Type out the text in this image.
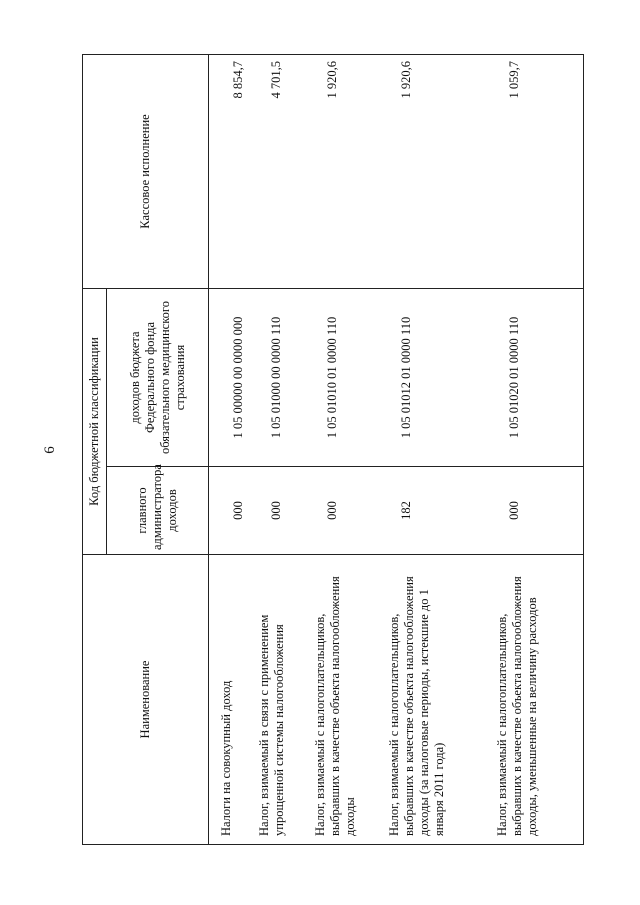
6
Наименование	Код бюджетной классификации		Кассовое исполнение
	главного администратора доходов	доходов бюджета Федерального фонда обязательного медицинского страхования	
Налоги на совокупный доход	000	1 05 00000 00 0000 000	8 854,7
Налог, взимаемый в связи с применением упрощенной системы налогообложения	000	1 05 01000 00 0000 110	4 701,5
Налог, взимаемый с налогоплательщиков, выбравших в качестве объекта налогообложения доходы	000	1 05 01010 01 0000 110	1 920,6
Налог, взимаемый с налогоплательщиков, выбравших в качестве объекта налогообложения доходы (за налоговые периоды, истекшие до 1 января 2011 года)	182	1 05 01012 01 0000 110	1 920,6
Налог, взимаемый с налогоплательщиков, выбравших в качестве объекта налогообложения доходы, уменьшенные на величину расходов	000	1 05 01020 01 0000 110	1 059,7
